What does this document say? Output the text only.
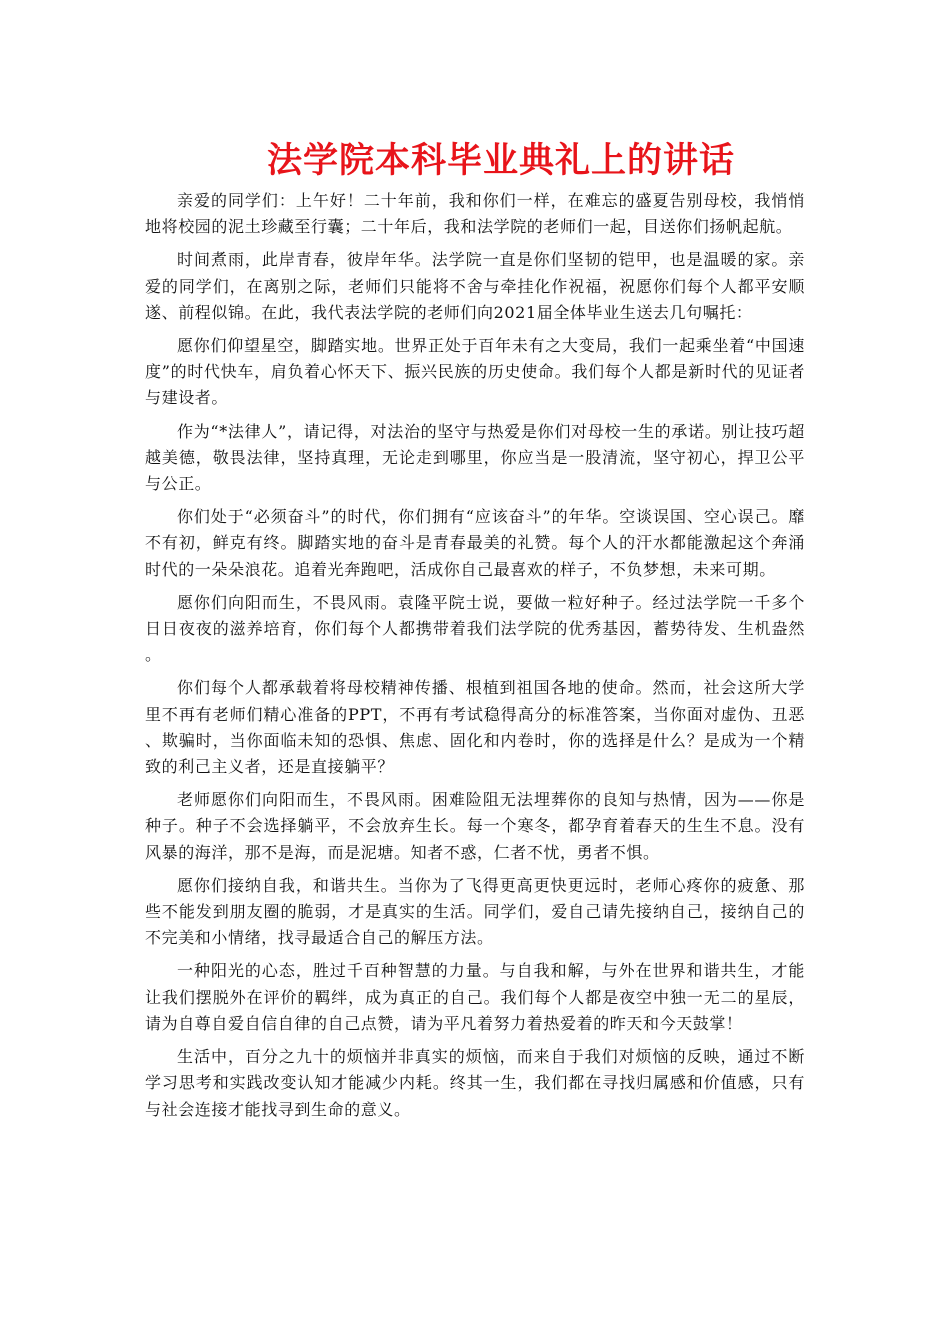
法学院本科毕业典礼上的讲话

亲爱的同学们：上午好！二十年前，我和你们一样，在难忘的盛夏告别母校，我悄悄地将校园的泥土珍藏至行囊；二十年后，我和法学院的老师们一起，目送你们扬帆起航。

时间煮雨，此岸青春，彼岸年华。法学院一直是你们坚韧的铠甲，也是温暖的家。亲爱的同学们，在离别之际，老师们只能将不舍与牵挂化作祝福，祝愿你们每个人都平安顺遂、前程似锦。在此，我代表法学院的老师们向2021届全体毕业生送去几句嘱托：

愿你们仰望星空，脚踏实地。世界正处于百年未有之大变局，我们一起乘坐着“中国速度”的时代快车，肩负着心怀天下、振兴民族的历史使命。我们每个人都是新时代的见证者与建设者。

作为“*法律人”，请记得，对法治的坚守与热爱是你们对母校一生的承诺。别让技巧超越美德，敬畏法律，坚持真理，无论走到哪里，你应当是一股清流，坚守初心，捍卫公平与公正。

你们处于“必须奋斗”的时代，你们拥有“应该奋斗”的年华。空谈误国、空心误己。靡不有初，鲜克有终。脚踏实地的奋斗是青春最美的礼赞。每个人的汗水都能激起这个奔涌时代的一朵朵浪花。追着光奔跑吧，活成你自己最喜欢的样子，不负梦想，未来可期。

愿你们向阳而生，不畏风雨。袁隆平院士说，要做一粒好种子。经过法学院一千多个日日夜夜的滋养培育，你们每个人都携带着我们法学院的优秀基因，蓄势待发、生机盎然。

你们每个人都承载着将母校精神传播、根植到祖国各地的使命。然而，社会这所大学里不再有老师们精心准备的PPT，不再有考试稳得高分的标准答案，当你面对虚伪、丑恶、欺骗时，当你面临未知的恐惧、焦虑、固化和内卷时，你的选择是什么？是成为一个精致的利己主义者，还是直接躺平？

老师愿你们向阳而生，不畏风雨。困难险阻无法埋葬你的良知与热情，因为——你是种子。种子不会选择躺平，不会放弃生长。每一个寒冬，都孕育着春天的生生不息。没有风暴的海洋，那不是海，而是泥塘。知者不惑，仁者不忧，勇者不惧。

愿你们接纳自我，和谐共生。当你为了飞得更高更快更远时，老师心疼你的疲惫、那些不能发到朋友圈的脆弱，才是真实的生活。同学们，爱自己请先接纳自己，接纳自己的不完美和小情绪，找寻最适合自己的解压方法。

一种阳光的心态，胜过千百种智慧的力量。与自我和解，与外在世界和谐共生，才能让我们摆脱外在评价的羁绊，成为真正的自己。我们每个人都是夜空中独一无二的星辰，请为自尊自爱自信自律的自己点赞，请为平凡着努力着热爱着的昨天和今天鼓掌！

生活中，百分之九十的烦恼并非真实的烦恼，而来自于我们对烦恼的反映，通过不断学习思考和实践改变认知才能减少内耗。终其一生，我们都在寻找归属感和价值感，只有与社会连接才能找寻到生命的意义。
